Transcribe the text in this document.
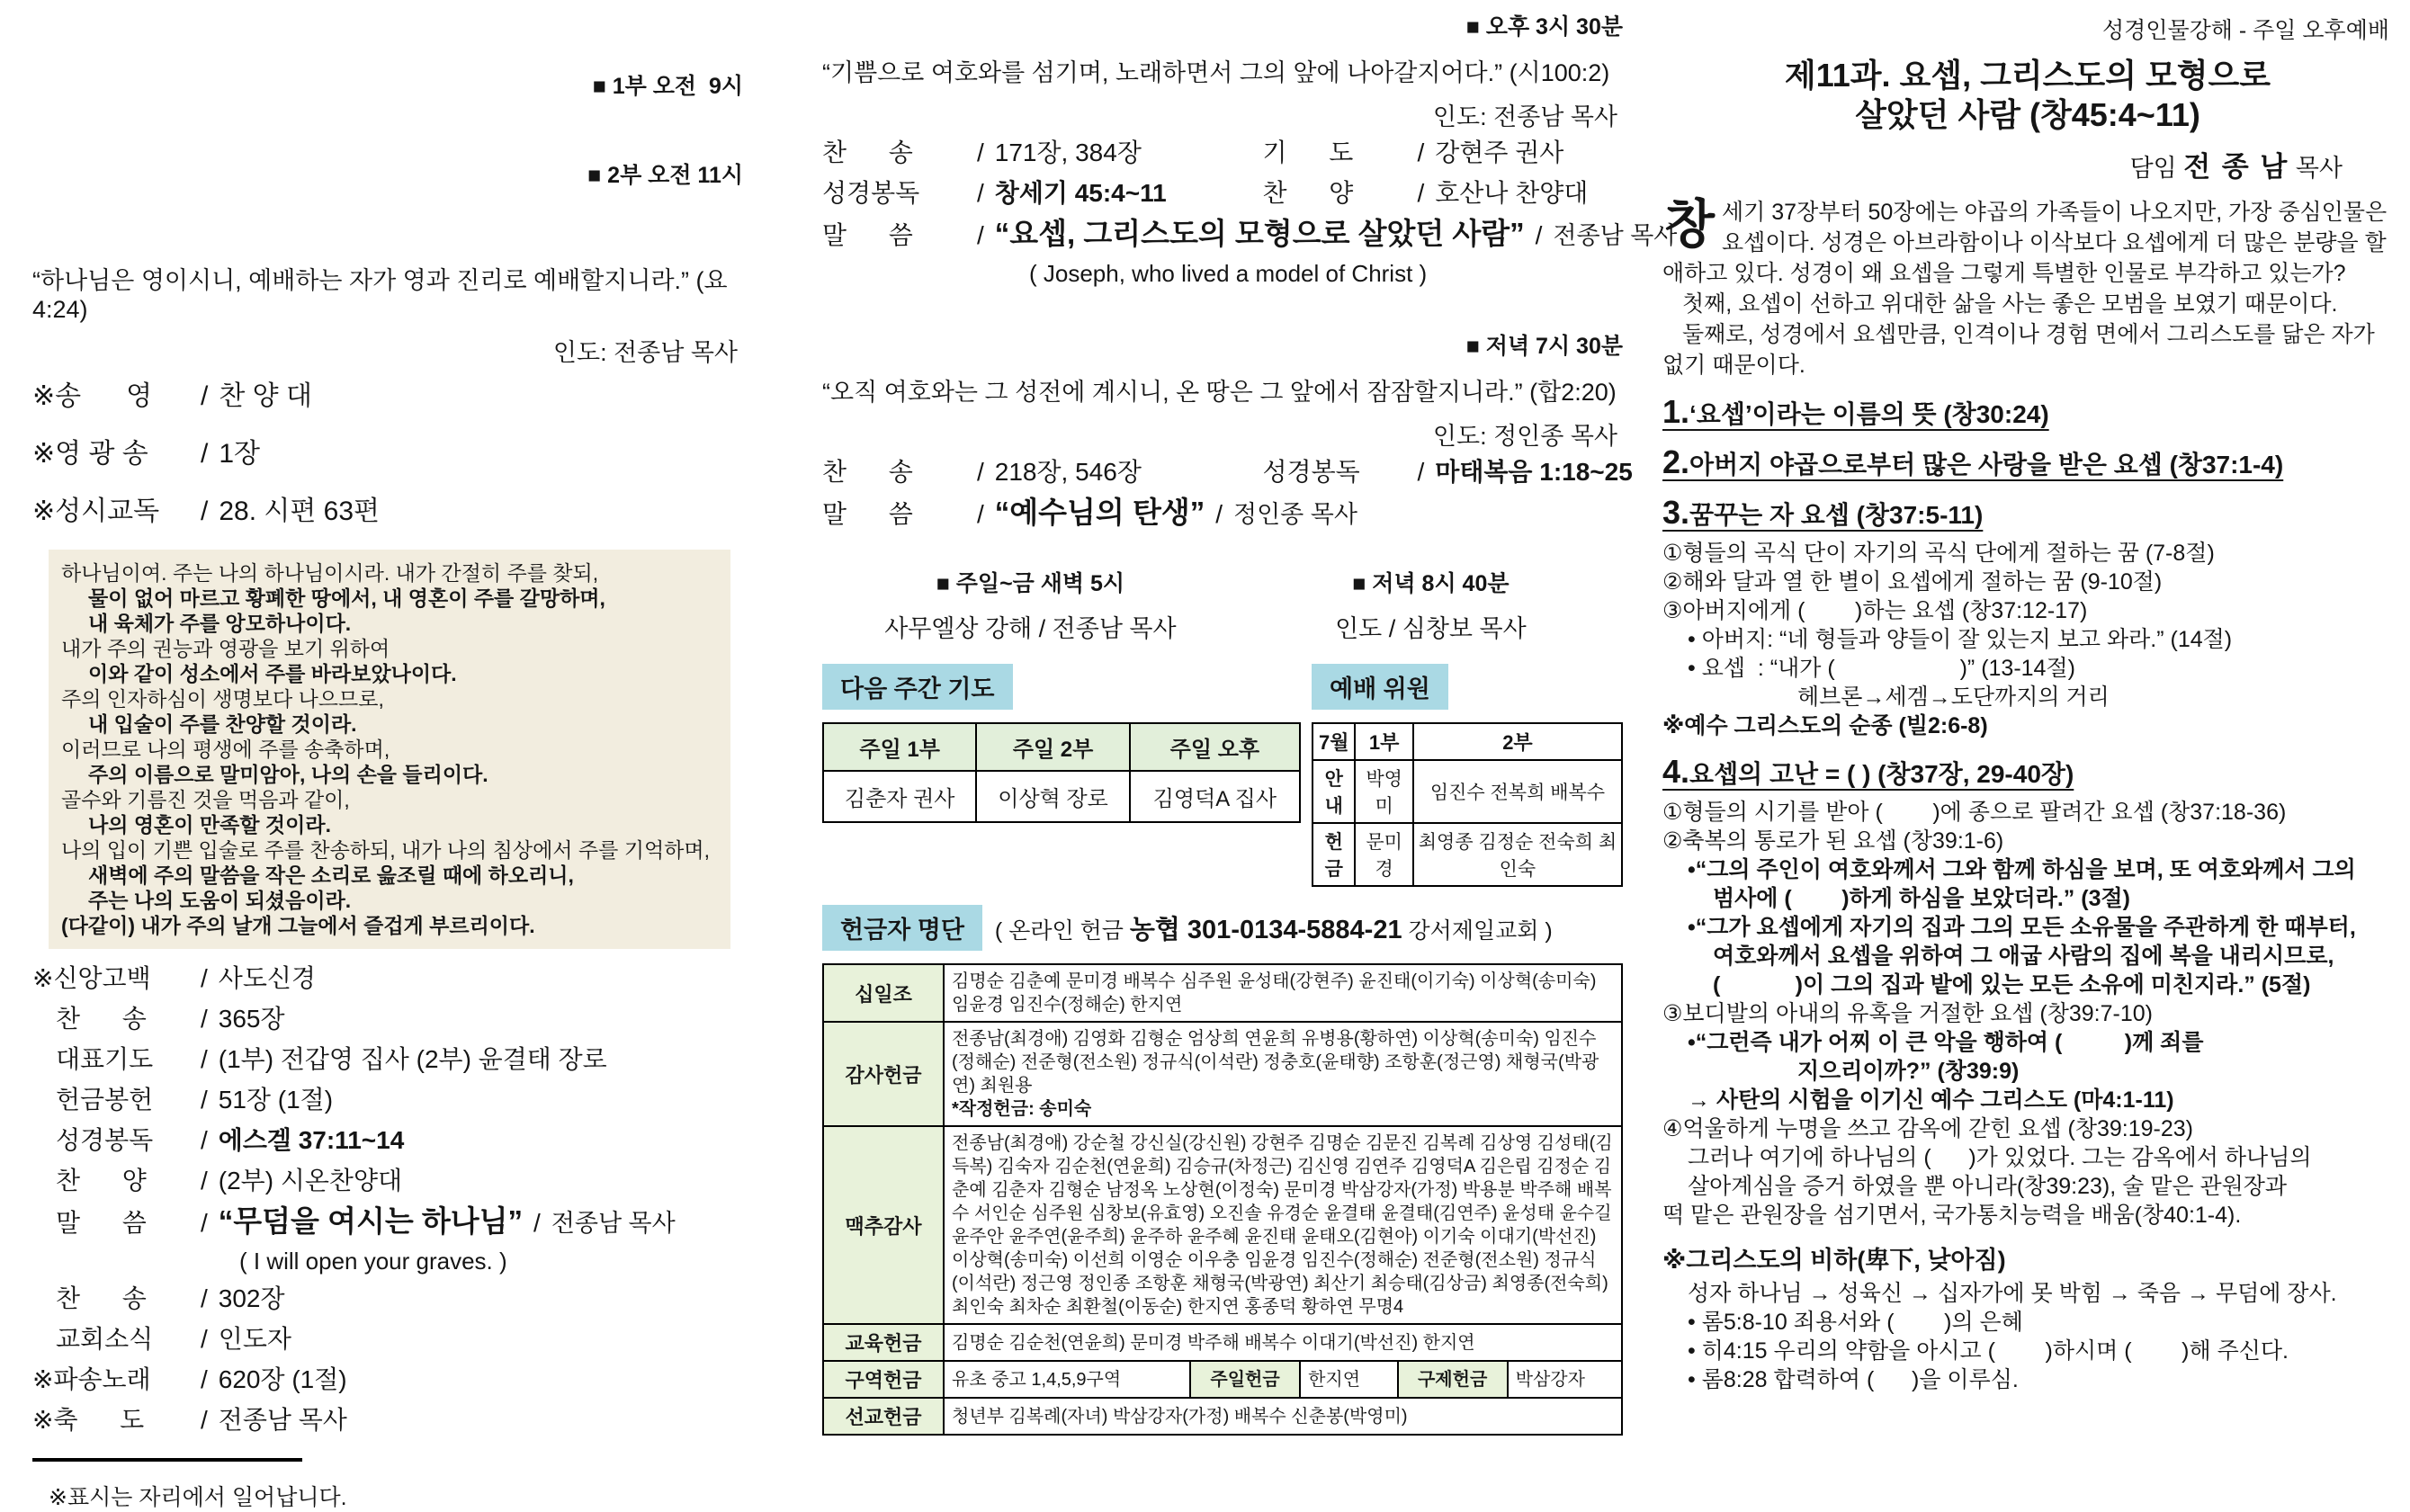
■ 1부 오전  9시

■ 2부 오전 11시

“하나님은 영이시니, 예배하는 자가 영과 진리로 예배할지니라.” (요4:24)
인도: 전종남 목사
※송      영 / 찬 양 대
※영 광 송 / 1장
※성시교독 / 28. 시편 63편
하나님이여. 주는 나의 하나님이시라. 내가 간절히 주를 찾되,
물이 없어 마르고 황폐한 땅에서, 내 영혼이 주를 갈망하며,
내 육체가 주를 앙모하나이다.
내가 주의 권능과 영광을 보기 위하여
이와 같이 성소에서 주를 바라보았나이다.
주의 인자하심이 생명보다 나으므로,
내 입술이 주를 찬양할 것이라.
이러므로 나의 평생에 주를 송축하며,
주의 이름으로 말미암아, 나의 손을 들리이다.
골수와 기름진 것을 먹음과 같이,
나의 영혼이 만족할 것이라.
나의 입이 기쁜 입술로 주를 찬송하되, 내가 나의 침상에서 주를 기억하며,
새벽에 주의 말씀을 작은 소리로 읊조릴 때에 하오리니,
주는 나의 도움이 되셨음이라.
(다같이) 내가 주의 날개 그늘에서 즐겁게 부르리이다.
※신앙고백 / 사도신경
찬      송 / 365장
대표기도 / (1부) 전갑영 집사 (2부) 윤결태 장로
헌금봉헌 / 51장 (1절)
성경봉독 / 에스겔 37:11~14
찬      양 / (2부) 시온찬양대
말      씀 / “무덤을 여시는 하나님” / 전종남 목사
( I will open your graves. )
찬      송 / 302장
교회소식 / 인도자
※파송노래 / 620장 (1절)
※축      도 / 전종남 목사
※표시는 자리에서 일어납니다.
■ 오후 3시 30분
“기쁨으로 여호와를 섬기며, 노래하면서 그의 앞에 나아갈지어다.” (시100:2)
인도: 전종남 목사
찬      송	/ 171장, 384장	기      도	/ 강현주 권사
성경봉독 / 창세기 45:4~11	찬      양	/ 호산나 찬양대
말      씀	/ “요셉, 그리스도의 모형으로 살았던 사람” / 전종남 목사
( Joseph, who lived a model of Christ )
■ 저녁 7시 30분
“오직 여호와는 그 성전에 계시니, 온 땅은 그 앞에서 잠잠할지니라.” (합2:20)
인도: 정인종 목사
찬      송	/ 218장, 546장	성경봉독 / 마태복음 1:18~25
말      씀	/ “예수님의 탄생” / 정인종 목사
■ 주일~금 새벽 5시
사무엘상 강해 / 전종남 목사
■ 저녁 8시 40분
인도 / 심창보 목사
다음 주간 기도
주일 1부	주일 2부	주일 오후
김춘자 권사	이상혁 장로	김영덕A 집사
예배 위원
7월	1부	2부
안내	박영미	임진수 전복희 배복수
헌금	문미경	최영종 김정순 전숙희 최인숙
헌금자 명단 ( 온라인 헌금 농협 301-0134-5884-21 강서제일교회 )
십일조	김명순 김춘예 문미경 배복수 심주원 윤성태(강현주) 윤진태(이기숙) 이상혁(송미숙) 임윤경 임진수(정해순) 한지연				
감사헌금	전종남(최경애) 김영화 김형순 엄상희 연윤희 유병용(황하연) 이상혁(송미숙) 임진수(정해순) 전준형(전소원) 정규식(이석란) 정충호(윤태향) 조항훈(정근영) 채형국(박광연) 최원용
*작정헌금: 송미숙				
맥추감사	전종남(최경애) 강순철 강신실(강신원) 강현주 김명순 김문진 김복례 김상영 김성태(김득복) 김숙자 김순천(연윤희) 김승규(차정근) 김신영 김연주 김영덕A 김은립 김정순 김춘예 김춘자 김형순 남정옥 노상현(이정숙) 문미경 박삼강자(가정) 박용분 박주해 배복수 서인순 심주원 심창보(유효영) 오진솔 유경순 윤결태 윤결태(김연주) 윤성태 윤수길 윤주안 윤주연(윤주희) 윤주하 윤주혜 윤진태 윤태오(김현아) 이기숙 이대기(박선진) 이상혁(송미숙) 이선희 이영순 이우충 임윤경 임진수(정해순) 전준형(전소원) 정규식(이석란) 정근영 정인종 조항훈 채형국(박광연) 최산기 최승태(김상금) 최영종(전숙희) 최인숙 최차순 최환철(이동순) 한지연 홍종덕 황하연 무명4				
교육헌금	김명순 김순천(연윤희) 문미경 박주해 배복수 이대기(박선진) 한지연				
구역헌금	유초 중고 1,4,5,9구역	주일헌금	한지연	구제헌금	박삼강자
선교헌금	청년부 김복례(자녀) 박삼강자(가정) 배복수 신춘봉(박영미)				
성경인물강해 - 주일 오후예배
제11과. 요셉, 그리스도의 모형으로
살았던 사람 (창45:4~11)
담임 전 종 남 목사
창 세기 37장부터 50장에는 야곱의 가족들이 나오지만, 가장 중심인물은 요셉이다. 성경은 아브라함이나 이삭보다 요셉에게 더 많은 분량을 할애하고 있다. 성경이 왜 요셉을 그렇게 특별한 인물로 부각하고 있는가?
첫째, 요셉이 선하고 위대한 삶을 사는 좋은 모범을 보였기 때문이다.
둘째로, 성경에서 요셉만큼, 인격이나 경험 면에서 그리스도를 닮은 자가 없기 때문이다.
1.‘요셉’이라는 이름의 뜻 (창30:24)
2.아버지 야곱으로부터 많은 사랑을 받은 요셉 (창37:1-4)
3.꿈꾸는 자 요셉 (창37:5-11)
①형들의 곡식 단이 자기의 곡식 단에게 절하는 꿈 (7-8절)
②해와 달과 열 한 별이 요셉에게 절하는 꿈 (9-10절)
③아버지에게 (        )하는 요셉 (창37:12-17)
• 아버지: “네 형들과 양들이 잘 있는지 보고 와라.” (14절)
• 요셉  : “내가 (                    )” (13-14절)
헤브론→세겜→도단까지의 거리
※예수 그리스도의 순종 (빌2:6-8)
4.요셉의 고난 = ( ) (창37장, 29-40장)
①형들의 시기를 받아 (        )에 종으로 팔려간 요셉 (창37:18-36)
②축복의 통로가 된 요셉 (창39:1-6)
•“그의 주인이 여호와께서 그와 함께 하심을 보며, 또 여호와께서 그의
범사에 (        )하게 하심을 보았더라.” (3절)
•“그가 요셉에게 자기의 집과 그의 모든 소유물을 주관하게 한 때부터,
여호와께서 요셉을 위하여 그 애굽 사람의 집에 복을 내리시므로,
(            )이 그의 집과 밭에 있는 모든 소유에 미친지라.” (5절)
③보디발의 아내의 유혹을 거절한 요셉 (창39:7-10)
•“그런즉 내가 어찌 이 큰 악을 행하여 (          )께 죄를
지으리이까?” (창39:9)
→ 사탄의 시험을 이기신 예수 그리스도 (마4:1-11)
④억울하게 누명을 쓰고 감옥에 갇힌 요셉 (창39:19-23)
그러나 여기에 하나님의 (      )가 있었다. 그는 감옥에서 하나님의
살아계심을 증거 하였을 뿐 아니라(창39:23), 술 맡은 관원장과
떡 맡은 관원장을 섬기면서, 국가통치능력을 배움(창40:1-4).
※그리스도의 비하(卑下, 낮아짐)
성자 하나님 → 성육신 → 십자가에 못 박힘 → 죽음 → 무덤에 장사.
• 롬5:8-10 죄용서와 (        )의 은혜
• 히4:15 우리의 약함을 아시고 (        )하시며 (        )해 주신다.
• 롬8:28 합력하여 (      )을 이루심.
